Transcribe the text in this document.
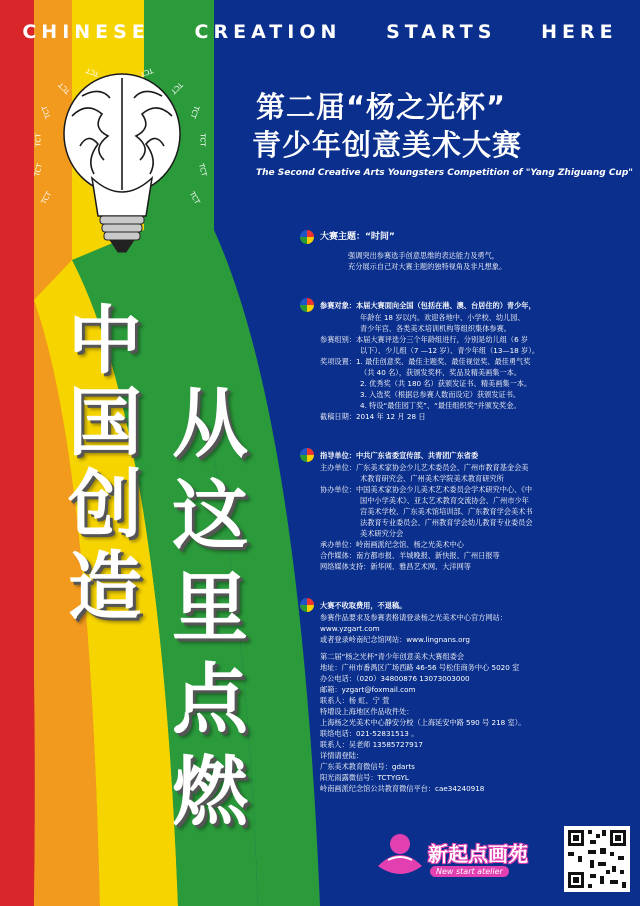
CHINESE CREATION STARTS HERE
TCT
TCT
TCT
TCT
TCT
TCT	TCT
TCT
TCT
TCT
TCT
TCT
第二届“杨之光杯”
青少年创意美术大赛
The Second Creative Arts Youngsters Competition of "Yang Zhiguang Cup"
中
国
创
造
从
这
里
点
燃
大赛主题：“时间”
强调突出参赛选手创意思维的表达能力及勇气，
充分展示自己对大赛主题的独特视角及非凡想象。
参赛对象：本届大赛面向全国（包括在港、澳、台居住的）青少年，
年龄在 18 岁以内。欢迎各地中、小学校、幼儿园、
青少年宫、各类美术培训机构等组织集体参赛。
参赛组别：本届大赛评选分三个年龄组进行，分别是幼儿组（6 岁
以下）、少儿组（7 —12 岁）、青少年组（13—18 岁）。
奖项设置：1. 最佳创意奖、最佳主题奖、最佳视觉奖、最佳勇气奖
（共 40 名），获颁发奖杯、奖品及精美画集一本。
2. 优秀奖（共 180 名）获颁发证书、精美画集一本。
3. 入选奖（根据总参赛人数而设定）获颁发证书。
4. 特设“最佳园丁奖”、“最佳组织奖”并颁发奖金。
截稿日期：2014 年 12 月 28 日
指导单位：中共广东省委宣传部、共青团广东省委
主办单位：广东美术家协会少儿艺术委员会、广州市教育基金会美
术教育研究会、广州美术学院美术教育研究所
协办单位：中国美术家协会少儿美术艺术委员会学术研究中心、《中
国中小学美术》、亚太艺术教育交流协会、广州市少年
宫美术学校、广东美术馆培训部、广东教育学会美术书
法教育专业委员会、广州教育学会幼儿教育专业委员会
美术研究分会
承办单位：岭南画派纪念馆、杨之光美术中心
合作媒体：南方都市报、羊城晚报、新快报、广州日报等
网络媒体支持：新华网、雅昌艺术网、大洋网等
大赛不收取费用，不退稿。
参赛作品要求及参赛表格请登录杨之光美术中心官方网站：
www.yzgart.com
或者登录岭南纪念馆网站：www.lingnans.org
第二届“杨之光杯”青少年创意美术大赛组委会
地址：广州市番禺区广场西路 46-56 号松佳商务中心 5020 室
办公电话：（020）34800876 13073003000
邮箱：yzgart@foxmail.com
联系人：杨 虹、宁 萱
特增设上海地区作品收件处：
上海杨之光美术中心静安分校（上海延安中路 590 号 218 室）。
联络电话：021-52831513 。
联系人：吴老师 13585727917
详情请登陆：
广东美术教育微信号：gdarts
阳光雨露微信号：TCTYGYL
岭南画派纪念馆公共教育微信平台：cae34240918
新起点画苑
New start atelier
